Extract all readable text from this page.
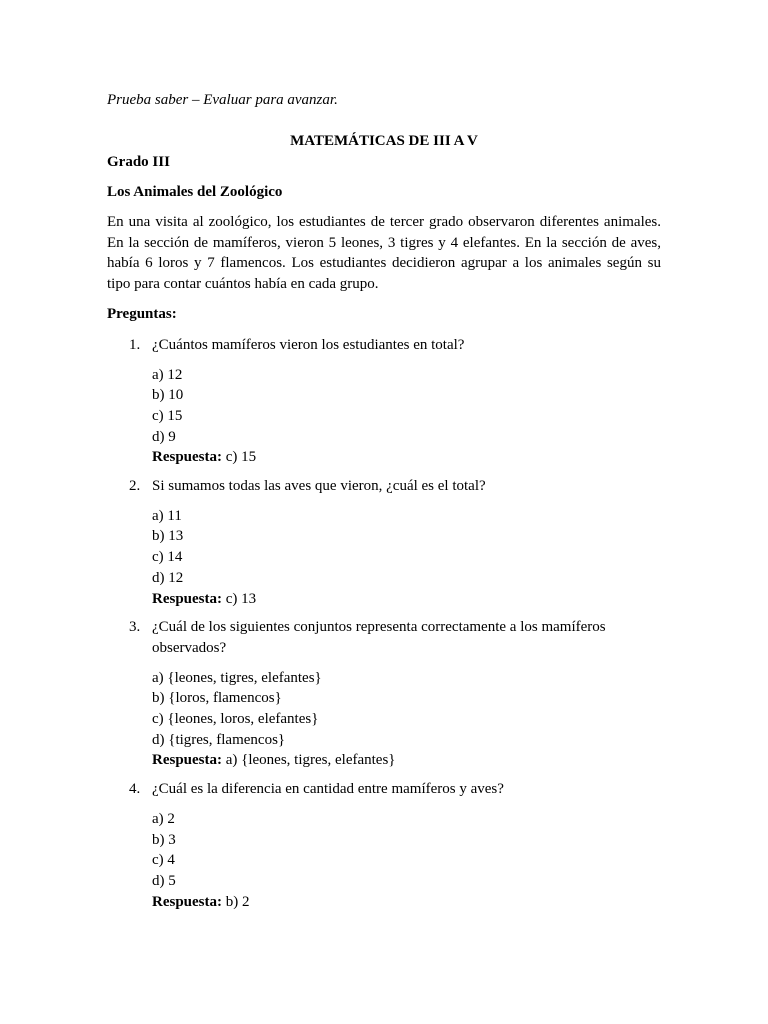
Prueba saber – Evaluar para avanzar.

MATEMÁTICAS DE III A V

Grado III

Los Animales del Zoológico

En una visita al zoológico, los estudiantes de tercer grado observaron diferentes animales. En la sección de mamíferos, vieron 5 leones, 3 tigres y 4 elefantes. En la sección de aves, había 6 loros y 7 flamencos. Los estudiantes decidieron agrupar a los animales según su tipo para contar cuántos había en cada grupo.

Preguntas:

1. ¿Cuántos mamíferos vieron los estudiantes en total?
a) 12
b) 10
c) 15
d) 9
Respuesta: c) 15
2. Si sumamos todas las aves que vieron, ¿cuál es el total?
a) 11
b) 13
c) 14
d) 12
Respuesta: c) 13
3. ¿Cuál de los siguientes conjuntos representa correctamente a los mamíferos observados?
a) {leones, tigres, elefantes}
b) {loros, flamencos}
c) {leones, loros, elefantes}
d) {tigres, flamencos}
Respuesta: a) {leones, tigres, elefantes}
4. ¿Cuál es la diferencia en cantidad entre mamíferos y aves?
a) 2
b) 3
c) 4
d) 5
Respuesta: b) 2
